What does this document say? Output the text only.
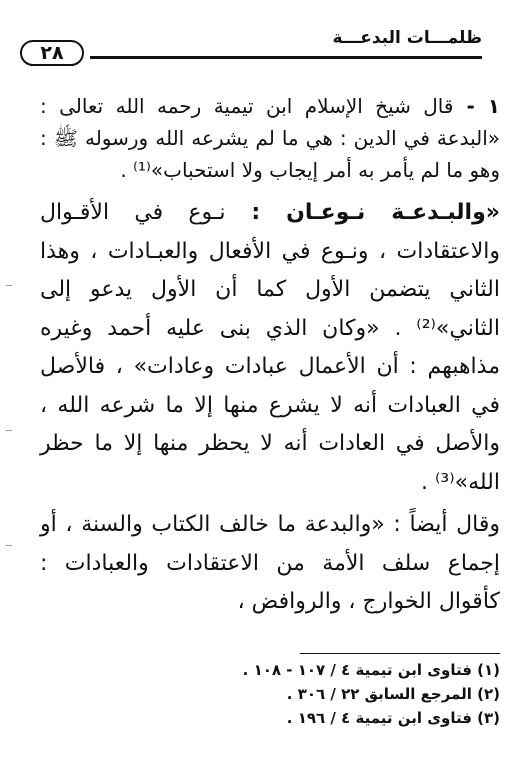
ظلمـــات البدعـــة
٢٨

١ - قال شيخ الإسلام ابن تيمية رحمه الله تعالى : «البدعة في الدين : هي ما لم يشرعه الله ورسوله ﷺ : وهو ما لم يأمر به أمر إيجاب ولا استحباب»⁽¹⁾ .

«والبـدعـة نـوعـان : نـوع في الأقـوال والاعتقادات ، ونـوع في الأفعال والعبـادات ، وهذا الثاني يتضمن الأول كما أن الأول يدعو إلى الثاني»⁽²⁾ . «وكان الذي بنى عليه أحمد وغيره مذاهبهم : أن الأعمال عبادات وعادات» ، فالأصل في العبادات أنه لا يشرع منها إلا ما شرعه الله ، والأصل في العادات أنه لا يحظر منها إلا ما حظر الله»⁽³⁾ .

وقال أيضاً : «والبدعة ما خالف الكتاب والسنة ، أو إجماع سلف الأمة من الاعتقادات والعبادات : كأقوال الخوارج ، والروافض ،

(١) فتاوى ابن تيمية ٤ / ١٠٧ - ١٠٨ .
(٢) المرجع السابق ٢٢ / ٣٠٦ .
(٣) فتاوى ابن تيمية ٤ / ١٩٦ .
